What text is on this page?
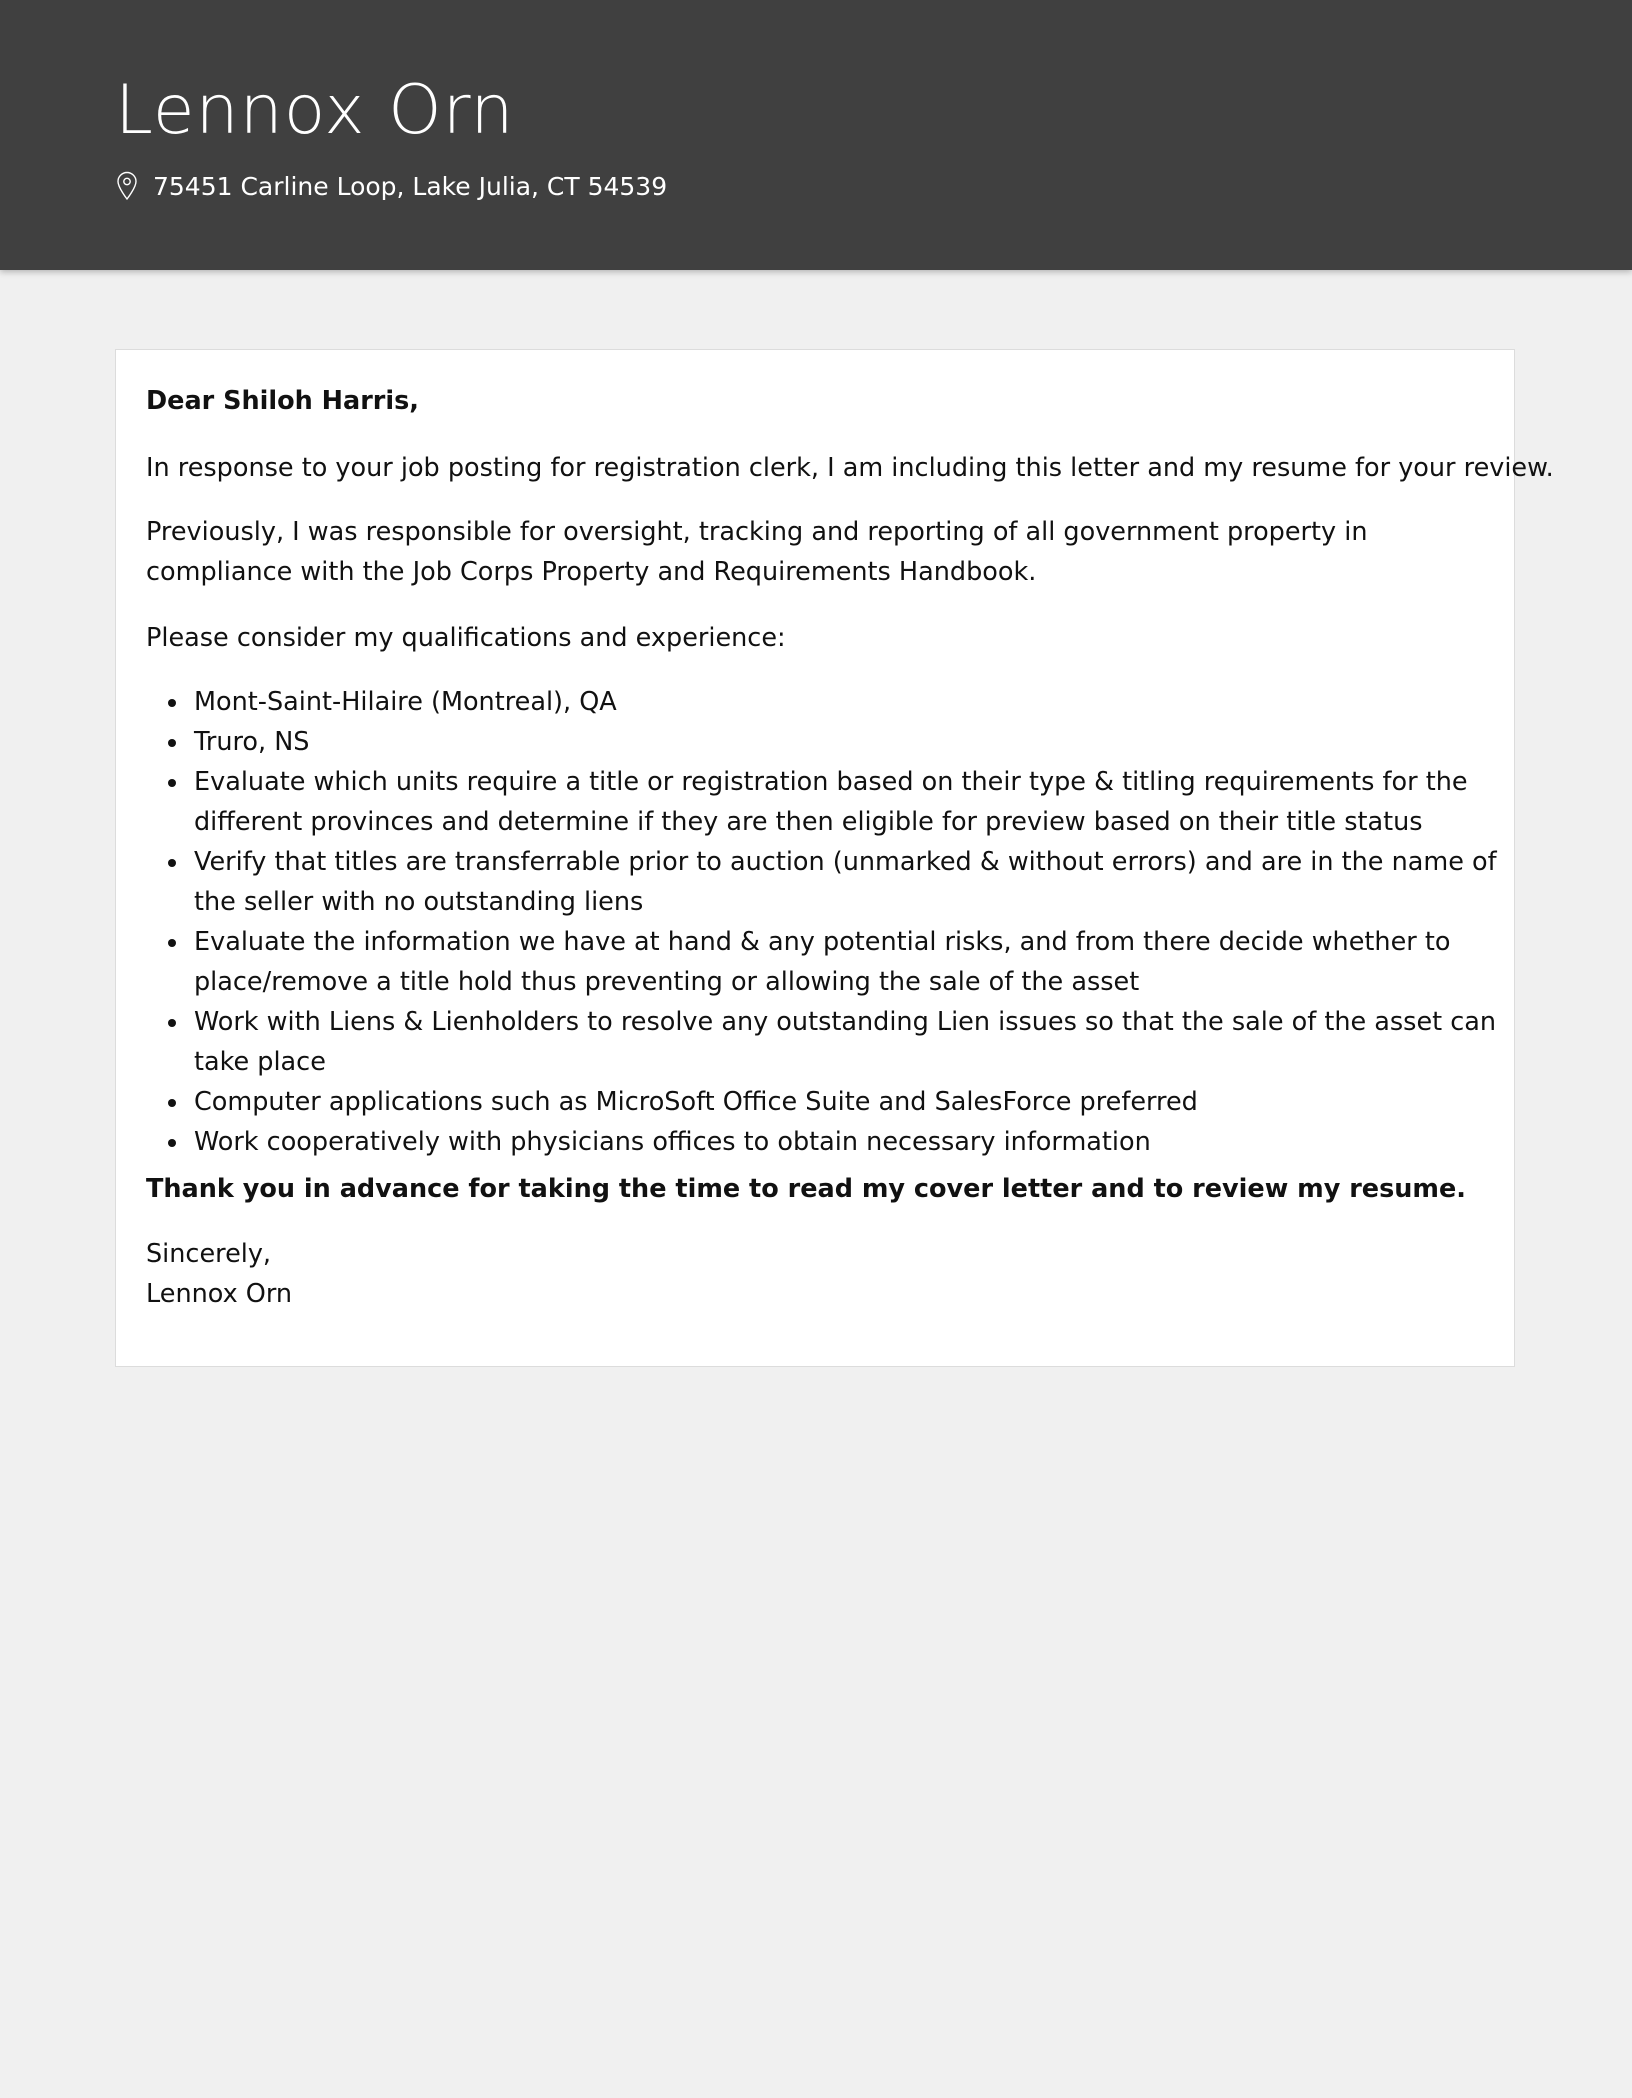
Lennox Orn
75451 Carline Loop, Lake Julia, CT 54539

Dear Shiloh Harris,

In response to your job posting for registration clerk, I am including this letter and my resume for your review.

Previously, I was responsible for oversight, tracking and reporting of all government property in compliance with the Job Corps Property and Requirements Handbook.

Please consider my qualifications and experience:

Mont-Saint-Hilaire (Montreal), QA
Truro, NS
Evaluate which units require a title or registration based on their type & titling requirements for the different provinces and determine if they are then eligible for preview based on their title status
Verify that titles are transferrable prior to auction (unmarked & without errors) and are in the name of the seller with no outstanding liens
Evaluate the information we have at hand & any potential risks, and from there decide whether to place/remove a title hold thus preventing or allowing the sale of the asset
Work with Liens & Lienholders to resolve any outstanding Lien issues so that the sale of the asset can take place
Computer applications such as MicroSoft Office Suite and SalesForce preferred
Work cooperatively with physicians offices to obtain necessary information

Thank you in advance for taking the time to read my cover letter and to review my resume.

Sincerely,

Lennox Orn
